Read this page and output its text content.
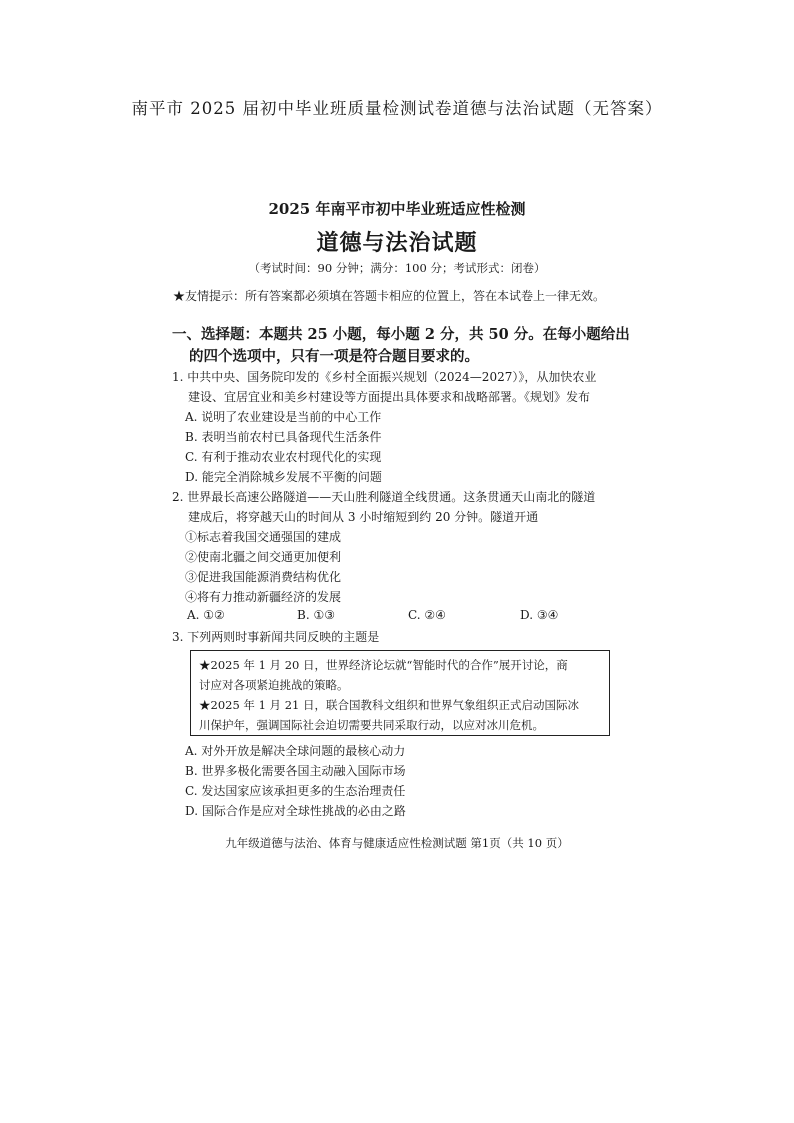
南平市 2025 届初中毕业班质量检测试卷道德与法治试题（无答案）
2025 年南平市初中毕业班适应性检测
道德与法治试题
（考试时间：90 分钟；满分：100 分；考试形式：闭卷）
★友情提示：所有答案都必须填在答题卡相应的位置上，答在本试卷上一律无效。
一、选择题：本题共 25 小题，每小题 2 分，共 50 分。在每小题给出
的四个选项中，只有一项是符合题目要求的。
1. 中共中央、国务院印发的《乡村全面振兴规划（2024—2027）》，从加快农业
建设、宜居宜业和美乡村建设等方面提出具体要求和战略部署。《规划》发布
A. 说明了农业建设是当前的中心工作
B. 表明当前农村已具备现代生活条件
C. 有利于推动农业农村现代化的实现
D. 能完全消除城乡发展不平衡的问题
2. 世界最长高速公路隧道——天山胜利隧道全线贯通。这条贯通天山南北的隧道
建成后，将穿越天山的时间从 3 小时缩短到约 20 分钟。隧道开通
①标志着我国交通强国的建成
②使南北疆之间交通更加便利
③促进我国能源消费结构优化
④将有力推动新疆经济的发展
A. ①②	B. ①③	C. ②④	D. ③④
3. 下列两则时事新闻共同反映的主题是
★2025 年 1 月 20 日，世界经济论坛就“智能时代的合作”展开讨论，商
讨应对各项紧迫挑战的策略。
★2025 年 1 月 21 日，联合国教科文组织和世界气象组织正式启动国际冰
川保护年，强调国际社会迫切需要共同采取行动，以应对冰川危机。
A. 对外开放是解决全球问题的最核心动力
B. 世界多极化需要各国主动融入国际市场
C. 发达国家应该承担更多的生态治理责任
D. 国际合作是应对全球性挑战的必由之路
九年级道德与法治、体育与健康适应性检测试题 第1页（共 10 页）
